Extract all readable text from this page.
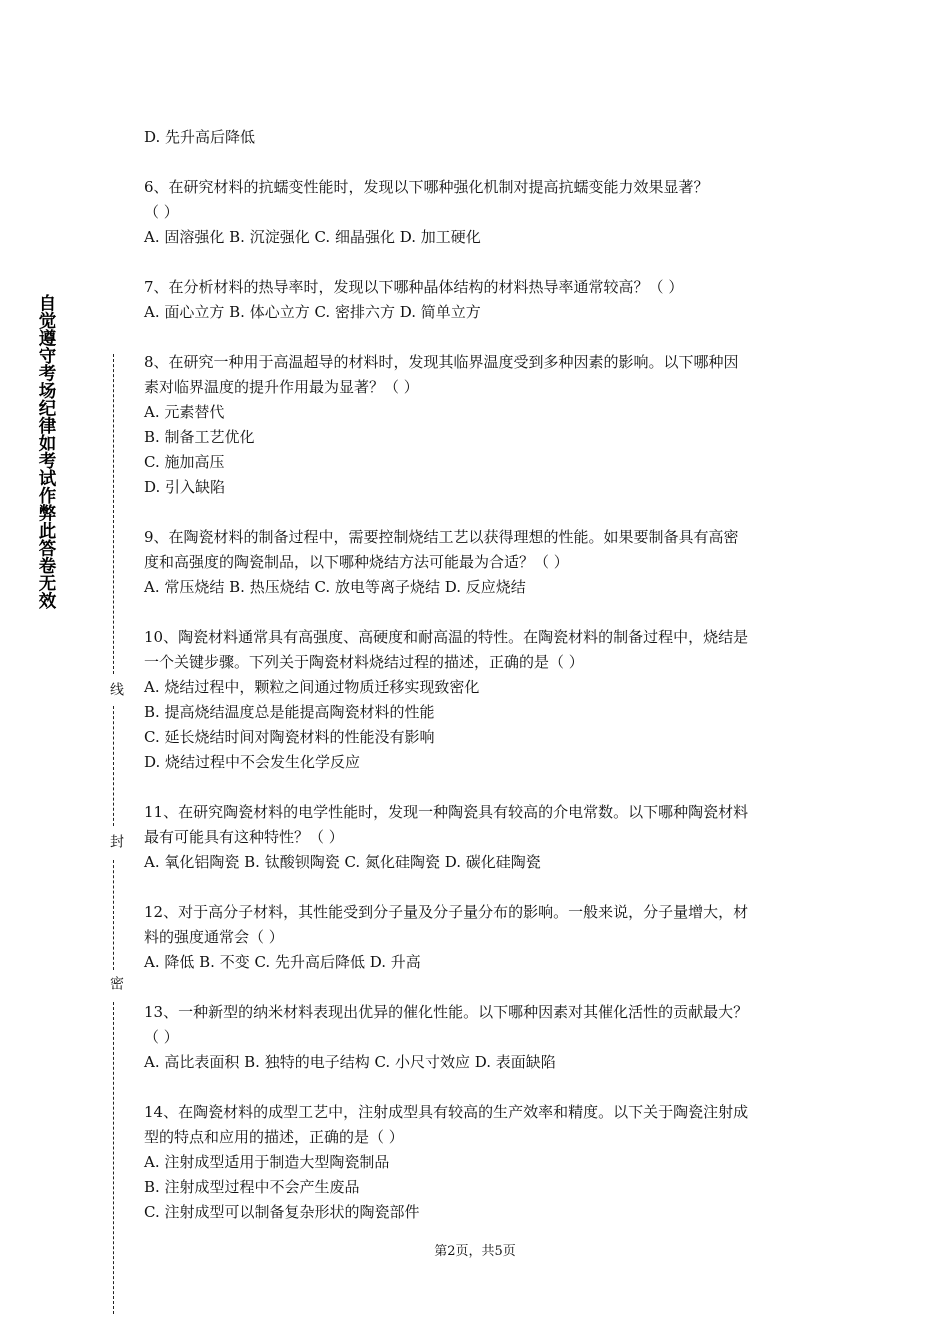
自觉遵守考场纪律如考试作弊此答卷无效
线
封
密
D. 先升高后降低
6、在研究材料的抗蠕变性能时，发现以下哪种强化机制对提高抗蠕变能力效果显著？
（ ）
A. 固溶强化 B. 沉淀强化 C. 细晶强化 D. 加工硬化
7、在分析材料的热导率时，发现以下哪种晶体结构的材料热导率通常较高？（ ）
A. 面心立方 B. 体心立方 C. 密排六方 D. 简单立方
8、在研究一种用于高温超导的材料时，发现其临界温度受到多种因素的影响。以下哪种因
素对临界温度的提升作用最为显著？（ ）
A. 元素替代
B. 制备工艺优化
C. 施加高压
D. 引入缺陷
9、在陶瓷材料的制备过程中，需要控制烧结工艺以获得理想的性能。如果要制备具有高密
度和高强度的陶瓷制品，以下哪种烧结方法可能最为合适？（ ）
A. 常压烧结 B. 热压烧结 C. 放电等离子烧结 D. 反应烧结
10、陶瓷材料通常具有高强度、高硬度和耐高温的特性。在陶瓷材料的制备过程中，烧结是
一个关键步骤。下列关于陶瓷材料烧结过程的描述，正确的是（ ）
A. 烧结过程中，颗粒之间通过物质迁移实现致密化
B. 提高烧结温度总是能提高陶瓷材料的性能
C. 延长烧结时间对陶瓷材料的性能没有影响
D. 烧结过程中不会发生化学反应
11、在研究陶瓷材料的电学性能时，发现一种陶瓷具有较高的介电常数。以下哪种陶瓷材料
最有可能具有这种特性？（ ）
A. 氧化铝陶瓷 B. 钛酸钡陶瓷 C. 氮化硅陶瓷 D. 碳化硅陶瓷
12、对于高分子材料，其性能受到分子量及分子量分布的影响。一般来说，分子量增大，材
料的强度通常会（ ）
A. 降低 B. 不变 C. 先升高后降低 D. 升高
13、一种新型的纳米材料表现出优异的催化性能。以下哪种因素对其催化活性的贡献最大？
（ ）
A. 高比表面积 B. 独特的电子结构 C. 小尺寸效应 D. 表面缺陷
14、在陶瓷材料的成型工艺中，注射成型具有较高的生产效率和精度。以下关于陶瓷注射成
型的特点和应用的描述，正确的是（ ）
A. 注射成型适用于制造大型陶瓷制品
B. 注射成型过程中不会产生废品
C. 注射成型可以制备复杂形状的陶瓷部件
第2页，共5页
